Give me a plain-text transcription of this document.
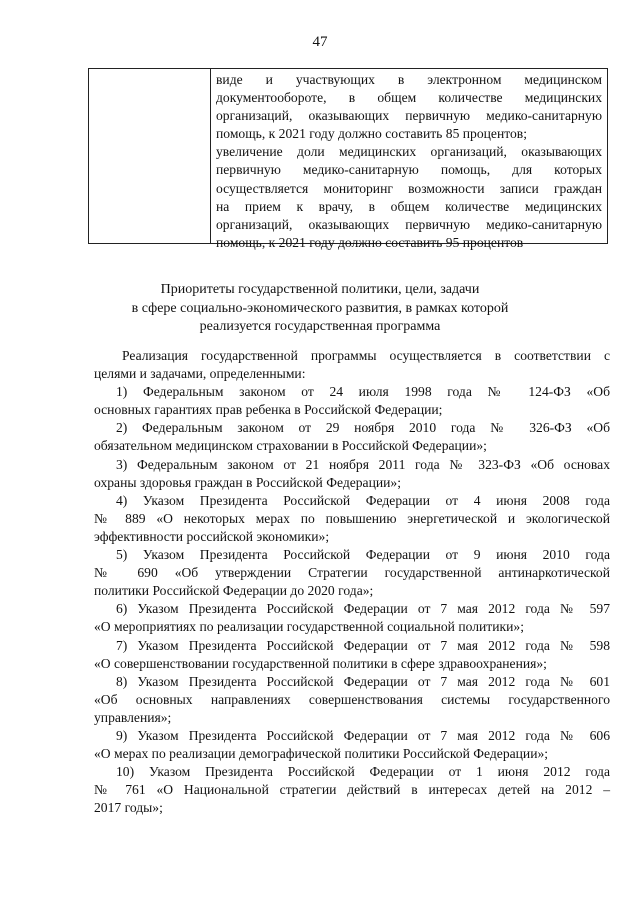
47
виде и участвующих в электронном медицинском
документообороте, в общем количестве медицинских
организаций, оказывающих первичную медико-санитарную
помощь, к 2021 году должно составить 85 процентов;
увеличение доли медицинских организаций, оказывающих
первичную медико-санитарную помощь, для которых
осуществляется мониторинг возможности записи граждан
на прием к врачу, в общем количестве медицинских
организаций, оказывающих первичную медико-санитарную
помощь, к 2021 году должно составить 95 процентов
Приоритеты государственной политики, цели, задачи
в сфере социально-экономического развития, в рамках которой
реализуется государственная программа
Реализация государственной программы осуществляется в соответствии с
целями и задачами, определенными:
1) Федеральным законом от 24 июля 1998 года № 124-ФЗ «Об
основных гарантиях прав ребенка в Российской Федерации;
2) Федеральным законом от 29 ноября 2010 года № 326-ФЗ «Об
обязательном медицинском страховании в Российской Федерации»;
3) Федеральным законом от 21 ноября 2011 года № 323-ФЗ «Об основах
охраны здоровья граждан в Российской Федерации»;
4) Указом Президента Российской Федерации от 4 июня 2008 года
№ 889 «О некоторых мерах по повышению энергетической и экологической
эффективности российской экономики»;
5) Указом Президента Российской Федерации от 9 июня 2010 года
№ 690 «Об утверждении Стратегии государственной антинаркотической
политики Российской Федерации до 2020 года»;
6) Указом Президента Российской Федерации от 7 мая 2012 года № 597
«О мероприятиях по реализации государственной социальной политики»;
7) Указом Президента Российской Федерации от 7 мая 2012 года № 598
«О совершенствовании государственной политики в сфере здравоохранения»;
8) Указом Президента Российской Федерации от 7 мая 2012 года № 601
«Об основных направлениях совершенствования системы государственного
управления»;
9) Указом Президента Российской Федерации от 7 мая 2012 года № 606
«О мерах по реализации демографической политики Российской Федерации»;
10) Указом Президента Российской Федерации от 1 июня 2012 года
№ 761 «О Национальной стратегии действий в интересах детей на 2012 –
2017 годы»;
